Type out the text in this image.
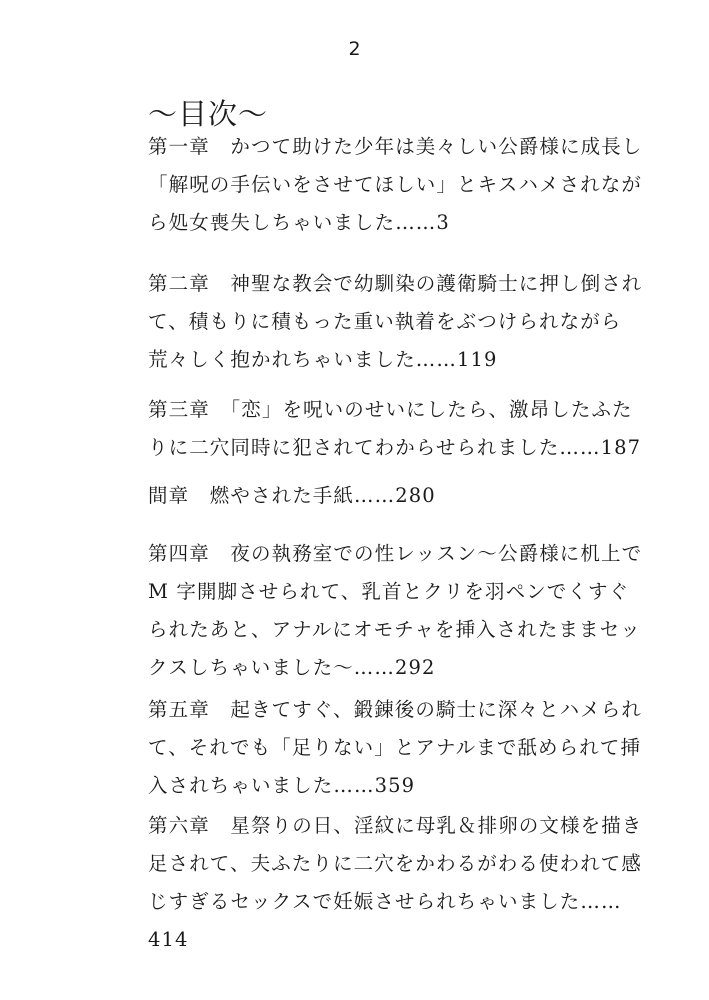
2
～目次～
第一章　かつて助けた少年は美々しい公爵様に成長し
「解呪の手伝いをさせてほしい」とキスハメされなが
ら処女喪失しちゃいました……3
第二章　神聖な教会で幼馴染の護衛騎士に押し倒され
て、積もりに積もった重い執着をぶつけられながら
荒々しく抱かれちゃいました……119
第三章　「恋」を呪いのせいにしたら、激昂したふた
りに二穴同時に犯されてわからせられました……187
間章　燃やされた手紙……280
第四章　夜の執務室での性レッスン～公爵様に机上で
M 字開脚させられて、乳首とクリを羽ペンでくすぐ
られたあと、アナルにオモチャを挿入されたままセッ
クスしちゃいました～……292
第五章　起きてすぐ、鍛錬後の騎士に深々とハメられ
て、それでも「足りない」とアナルまで舐められて挿
入されちゃいました……359
第六章　星祭りの日、淫紋に母乳＆排卵の文様を描き
足されて、夫ふたりに二穴をかわるがわる使われて感
じすぎるセックスで妊娠させられちゃいました……
414
